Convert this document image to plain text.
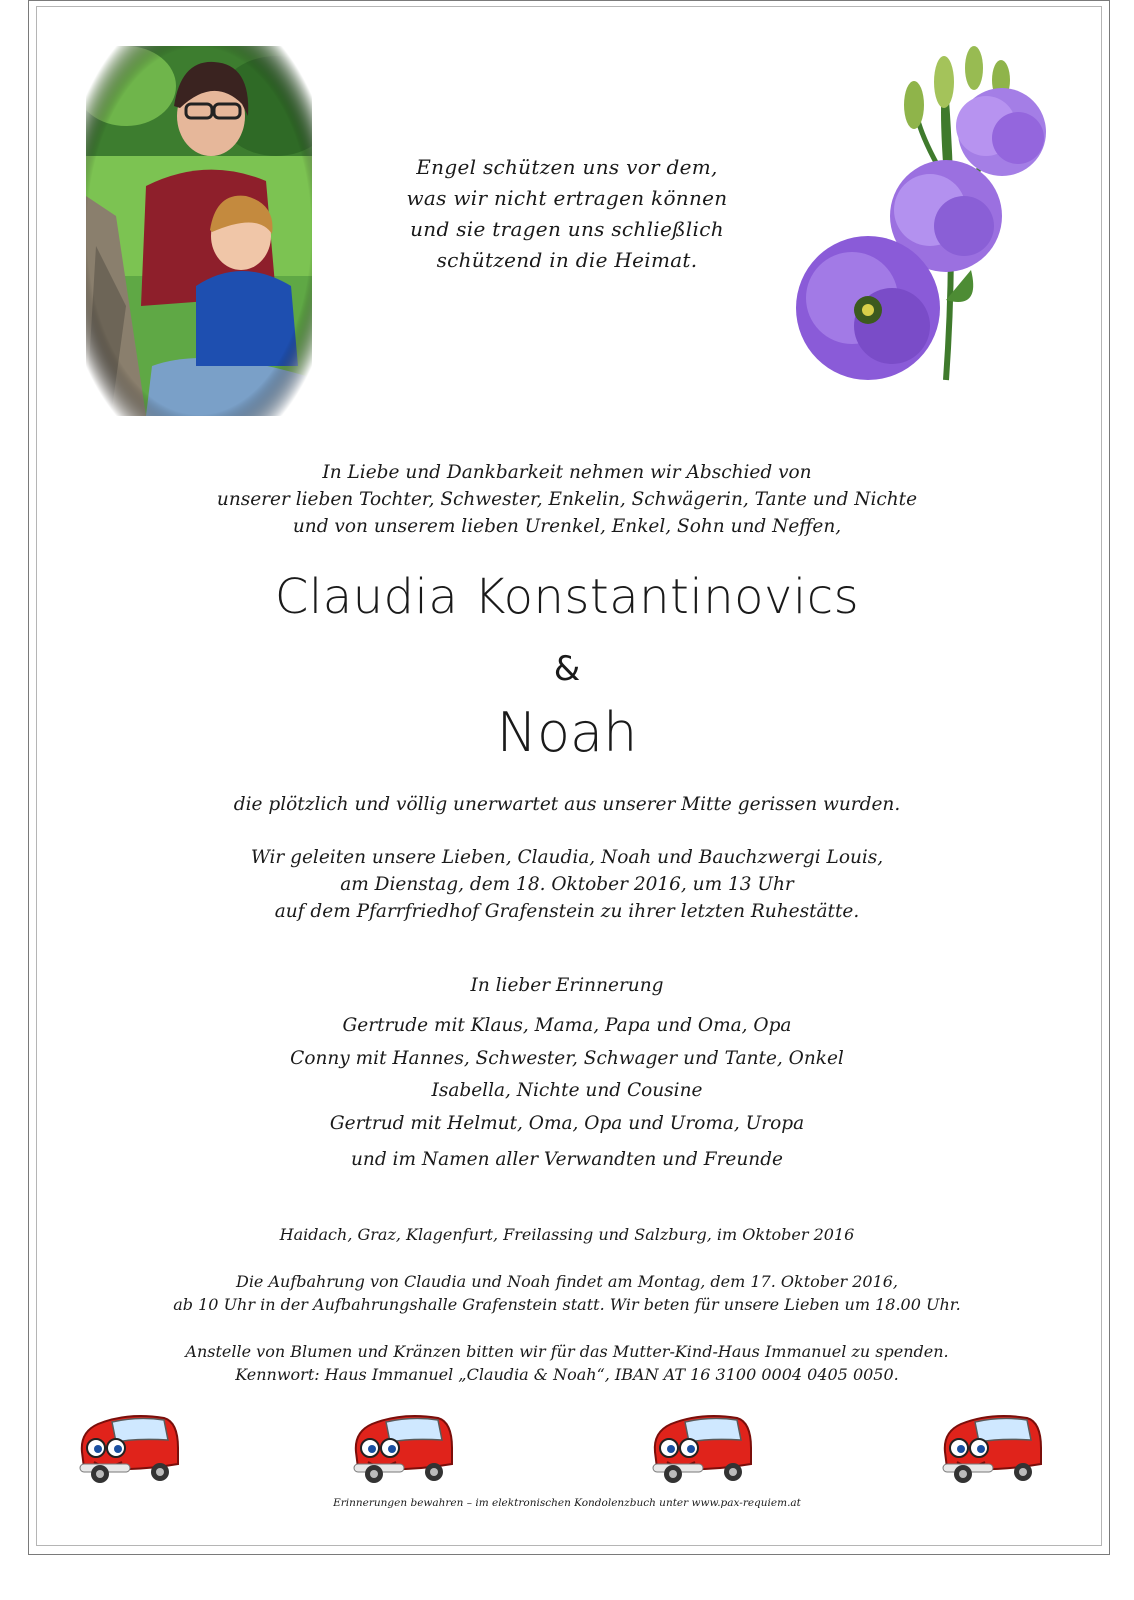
Engel schützen uns vor dem,
was wir nicht ertragen können
und sie tragen uns schließlich
schützend in die Heimat.
In Liebe und Dankbarkeit nehmen wir Abschied von
unserer lieben Tochter, Schwester, Enkelin, Schwägerin, Tante und Nichte
und von unserem lieben Urenkel, Enkel, Sohn und Neffen,
Claudia Konstantinovics
&
Noah
die plötzlich und völlig unerwartet aus unserer Mitte gerissen wurden.
Wir geleiten unsere Lieben, Claudia, Noah und Bauchzwergi Louis,
am Dienstag, dem 18. Oktober 2016, um 13 Uhr
auf dem Pfarrfriedhof Grafenstein zu ihrer letzten Ruhestätte.
In lieber Erinnerung
Gertrude mit Klaus, Mama, Papa und Oma, Opa
Conny mit Hannes, Schwester, Schwager und Tante, Onkel
Isabella, Nichte und Cousine
Gertrud mit Helmut, Oma, Opa und Uroma, Uropa
und im Namen aller Verwandten und Freunde
Haidach, Graz, Klagenfurt, Freilassing und Salzburg, im Oktober 2016
Die Aufbahrung von Claudia und Noah findet am Montag, dem 17. Oktober 2016,
ab 10 Uhr in der Aufbahrungshalle Grafenstein statt. Wir beten für unsere Lieben um 18.00 Uhr.
Anstelle von Blumen und Kränzen bitten wir für das Mutter-Kind-Haus Immanuel zu spenden.
Kennwort: Haus Immanuel „Claudia & Noah“, IBAN AT 16 3100 0004 0405 0050.
Erinnerungen bewahren – im elektronischen Kondolenzbuch unter www.pax-requiem.at
